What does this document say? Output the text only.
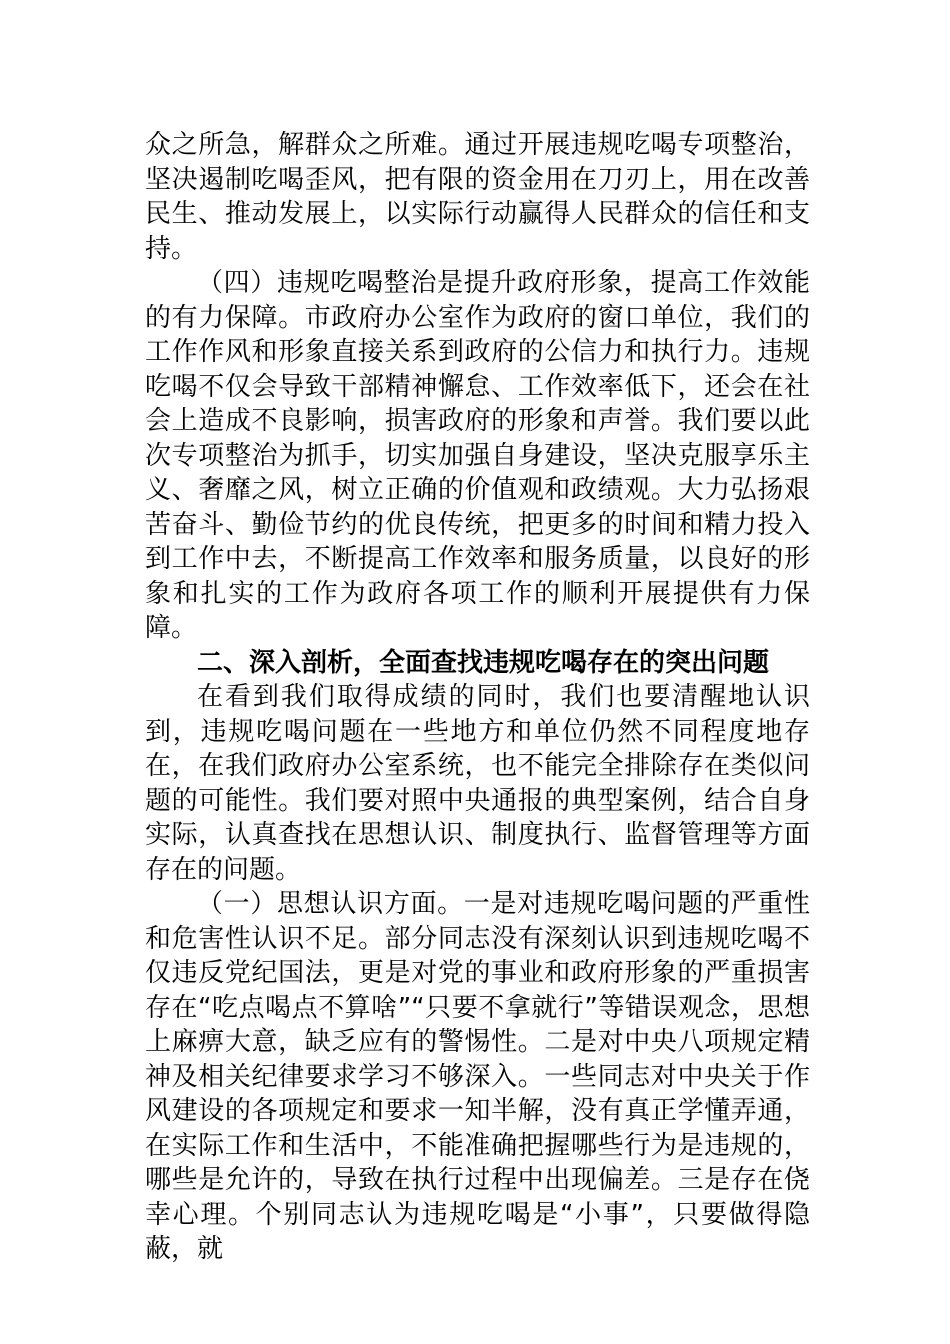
众之所急，解群众之所难。通过开展违规吃喝专项整治，坚决遏制吃喝歪风，把有限的资金用在刀刃上，用在改善民生、推动发展上，以实际行动赢得人民群众的信任和支持。

（四）违规吃喝整治是提升政府形象，提高工作效能的有力保障。市政府办公室作为政府的窗口单位，我们的工作作风和形象直接关系到政府的公信力和执行力。违规吃喝不仅会导致干部精神懈怠、工作效率低下，还会在社会上造成不良影响，损害政府的形象和声誉。我们要以此次专项整治为抓手，切实加强自身建设，坚决克服享乐主义、奢靡之风，树立正确的价值观和政绩观。大力弘扬艰苦奋斗、勤俭节约的优良传统，把更多的时间和精力投入到工作中去，不断提高工作效率和服务质量，以良好的形象和扎实的工作为政府各项工作的顺利开展提供有力保障。

二、深入剖析，全面查找违规吃喝存在的突出问题

在看到我们取得成绩的同时，我们也要清醒地认识到，违规吃喝问题在一些地方和单位仍然不同程度地存在，在我们政府办公室系统，也不能完全排除存在类似问题的可能性。我们要对照中央通报的典型案例，结合自身实际，认真查找在思想认识、制度执行、监督管理等方面存在的问题。

（一）思想认识方面。一是对违规吃喝问题的严重性和危害性认识不足。部分同志没有深刻认识到违规吃喝不仅违反党纪国法，更是对党的事业和政府形象的严重损害存在“吃点喝点不算啥”“只要不拿就行”等错误观念，思想上麻痹大意，缺乏应有的警惕性。二是对中央八项规定精神及相关纪律要求学习不够深入。一些同志对中央关于作风建设的各项规定和要求一知半解，没有真正学懂弄通，在实际工作和生活中，不能准确把握哪些行为是违规的，哪些是允许的，导致在执行过程中出现偏差。三是存在侥幸心理。个别同志认为违规吃喝是“小事”，只要做得隐蔽，就
